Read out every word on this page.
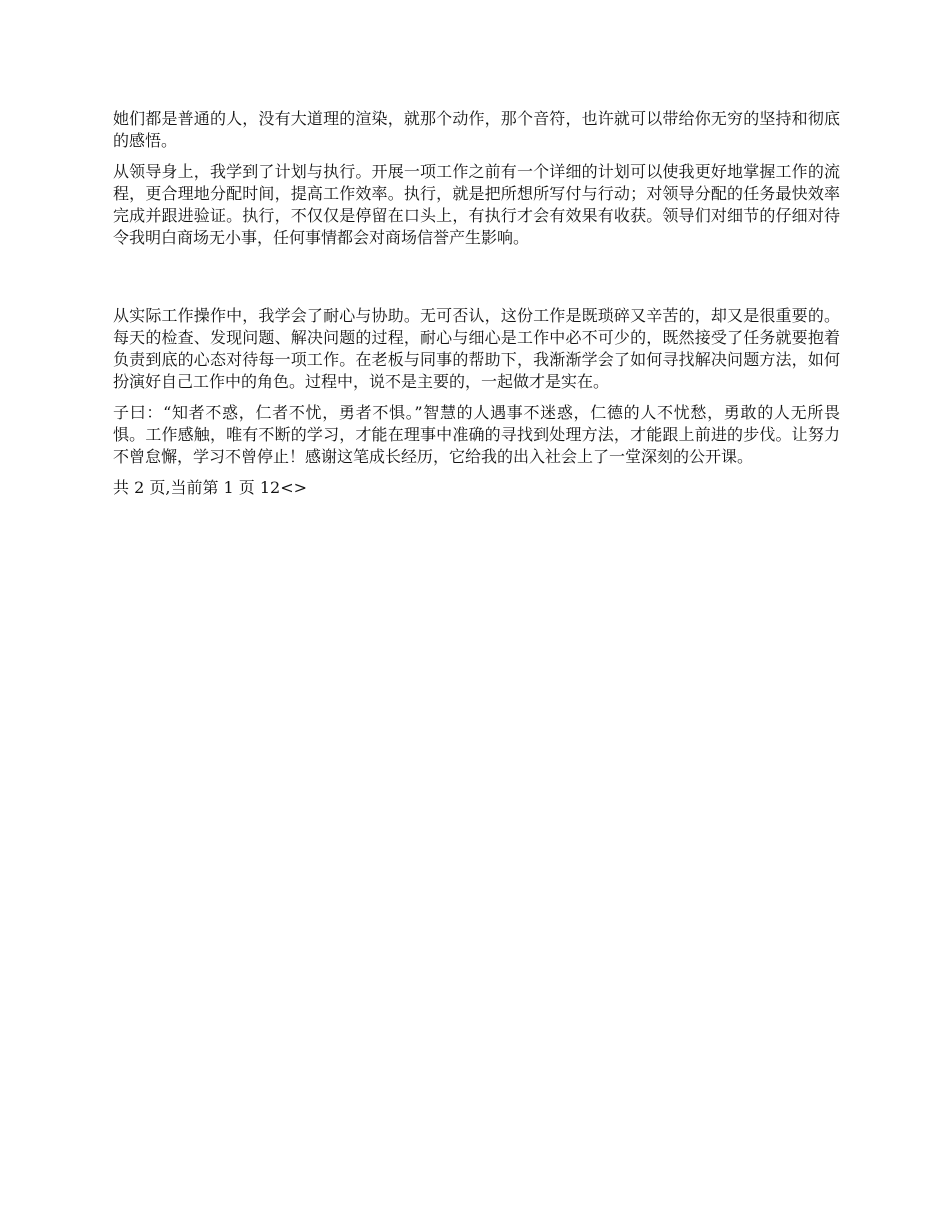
她们都是普通的人，没有大道理的渲染，就那个动作，那个音符，也许就可以带给你无穷的坚持和彻底的感悟。

从领导身上，我学到了计划与执行。开展一项工作之前有一个详细的计划可以使我更好地掌握工作的流程，更合理地分配时间，提高工作效率。执行，就是把所想所写付与行动；对领导分配的任务最快效率完成并跟进验证。执行，不仅仅是停留在口头上，有执行才会有效果有收获。领导们对细节的仔细对待令我明白商场无小事，任何事情都会对商场信誉产生影响。

从实际工作操作中，我学会了耐心与协助。无可否认，这份工作是既琐碎又辛苦的，却又是很重要的。每天的检查、发现问题、解决问题的过程，耐心与细心是工作中必不可少的，既然接受了任务就要抱着负责到底的心态对待每一项工作。在老板与同事的帮助下，我渐渐学会了如何寻找解决问题方法，如何扮演好自己工作中的角色。过程中，说不是主要的，一起做才是实在。

子曰：“知者不惑，仁者不忧，勇者不惧。”智慧的人遇事不迷惑，仁德的人不忧愁，勇敢的人无所畏惧。工作感触，唯有不断的学习，才能在理事中准确的寻找到处理方法，才能跟上前进的步伐。让努力不曾怠懈，学习不曾停止！感谢这笔成长经历，它给我的出入社会上了一堂深刻的公开课。

共 2 页,当前第 1 页 12<>
